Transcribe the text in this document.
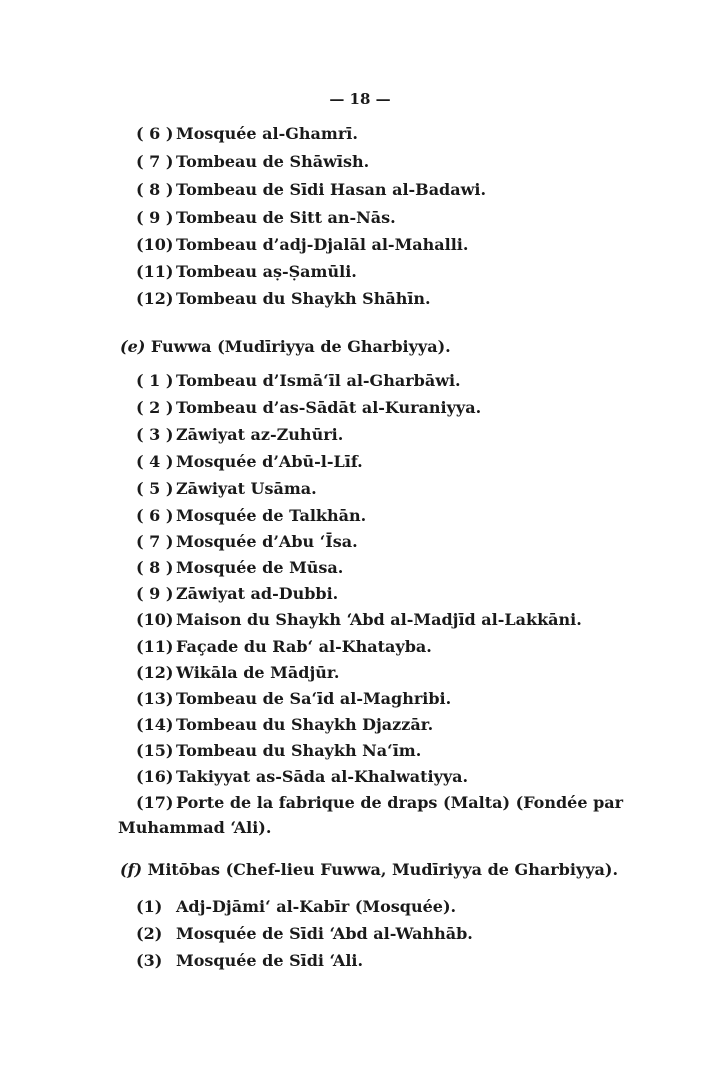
— 18 —
( 6 ) Mosquée al-Ghamrī.
( 7 ) Tombeau de Shāwīsh.
( 8 ) Tombeau de Sīdi Hasan al-Badawi.
( 9 ) Tombeau de Sitt an-Nās.
(10) Tombeau d’adj-Djalāl al-Mahalli.
(11) Tombeau aṣ-Ṣamūli.
(12) Tombeau du Shaykh Shāhīn.
(e) Fuwwa (Mudīriyya de Gharbiyya).
( 1 ) Tombeau d’Ismā‘īl al-Gharbāwi.
( 2 ) Tombeau d’as-Sādāt al-Kuraniyya.
( 3 ) Zāwiyat az-Zuhūri.
( 4 ) Mosquée d’Abū-l-Līf.
( 5 ) Zāwiyat Usāma.
( 6 ) Mosquée de Talkhān.
( 7 ) Mosquée d’Abu ‘Īsa.
( 8 ) Mosquée de Mūsa.
( 9 ) Zāwiyat ad-Dubbi.
(10) Maison du Shaykh ‘Abd al-Madjīd al-Lakkāni.
(11) Façade du Rab‘ al-Khatayba.
(12) Wikāla de Mādjūr.
(13) Tombeau de Sa‘īd al-Maghribi.
(14) Tombeau du Shaykh Djazzār.
(15) Tombeau du Shaykh Na‘īm.
(16) Takiyyat as-Sāda al-Khalwatiyya.
(17) Porte de la fabrique de draps (Malta) (Fondée par
Muhammad ‘Ali).
(f) Mitōbas (Chef-lieu Fuwwa, Mudīriyya de Gharbiyya).
(1) Adj-Djāmi‘ al-Kabīr (Mosquée).
(2) Mosquée de Sīdi ‘Abd al-Wahhāb.
(3) Mosquée de Sīdi ‘Ali.
